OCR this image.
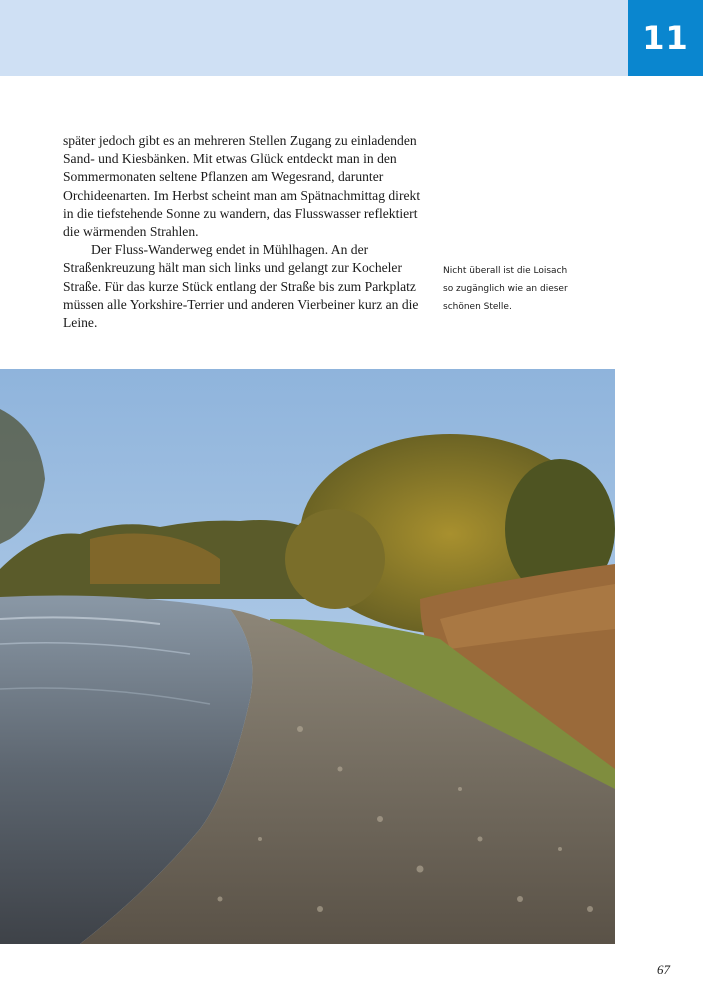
11

später jedoch gibt es an mehreren Stellen Zugang zu einladenden Sand- und Kiesbänken. Mit etwas Glück entdeckt man in den Sommermonaten seltene Pflanzen am Wegesrand, darunter Orchideenarten. Im Herbst scheint man am Spätnachmittag direkt in die tiefstehende Sonne zu wandern, das Flusswasser reflektiert die wärmenden Strahlen.

Der Fluss-Wanderweg endet in Mühlhagen. An der Straßenkreuzung hält man sich links und gelangt zur Kocheler Straße. Für das kurze Stück entlang der Straße bis zum Parkplatz müssen alle Yorkshire-Terrier und anderen Vierbeiner kurz an die Leine.

Nicht überall ist die Loisach so zugänglich wie an dieser schönen Stelle.

67
